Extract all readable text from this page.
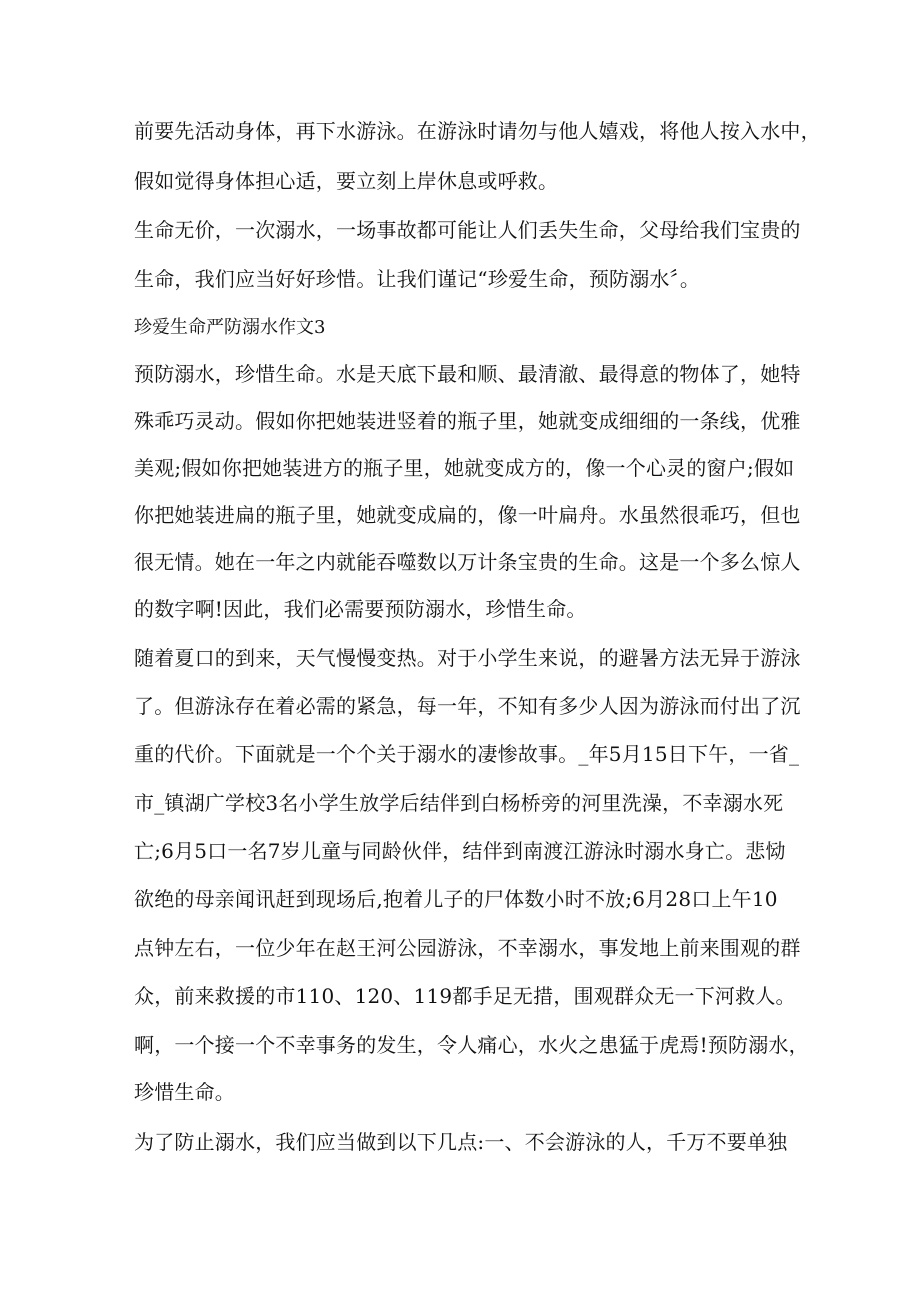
前要先活动身体，再下水游泳。在游泳时请勿与他人嬉戏，将他人按入水中，
假如觉得身体担心适，要立刻上岸休息或呼救。
生命无价，一次溺水，一场事故都可能让人们丢失生命，父母给我们宝贵的
生命，我们应当好好珍惜。让我们谨记“珍爱生命，预防溺水〞。
珍爱生命严防溺水作文3
预防溺水，珍惜生命。水是天底下最和顺、最清澈、最得意的物体了，她特
殊乖巧灵动。假如你把她装进竖着的瓶子里，她就变成细细的一条线，优雅
美观;假如你把她装进方的瓶子里，她就变成方的，像一个心灵的窗户;假如
你把她装进扁的瓶子里，她就变成扁的，像一叶扁舟。水虽然很乖巧，但也
很无情。她在一年之内就能吞噬数以万计条宝贵的生命。这是一个多么惊人
的数字啊!因此，我们必需要预防溺水，珍惜生命。
随着夏口的到来，天气慢慢变热。对于小学生来说，的避暑方法无异于游泳
了。但游泳存在着必需的紧急，每一年，不知有多少人因为游泳而付出了沉
重的代价。下面就是一个个关于溺水的凄惨故事。_年5月15日下午，一省_
市_镇湖广学校3名小学生放学后结伴到白杨桥旁的河里洗澡，不幸溺水死
亡;6月5口一名7岁儿童与同龄伙伴，结伴到南渡江游泳时溺水身亡。悲恸
欲绝的母亲闻讯赶到现场后,抱着儿子的尸体数小时不放;6月28口上午10
点钟左右，一位少年在赵王河公园游泳，不幸溺水，事发地上前来围观的群
众，前来救援的市110、120、119都手足无措，围观群众无一下河救人。
啊，一个接一个不幸事务的发生，令人痛心，水火之患猛于虎焉!预防溺水，
珍惜生命。
为了防止溺水，我们应当做到以下几点:一、不会游泳的人，千万不要单独
